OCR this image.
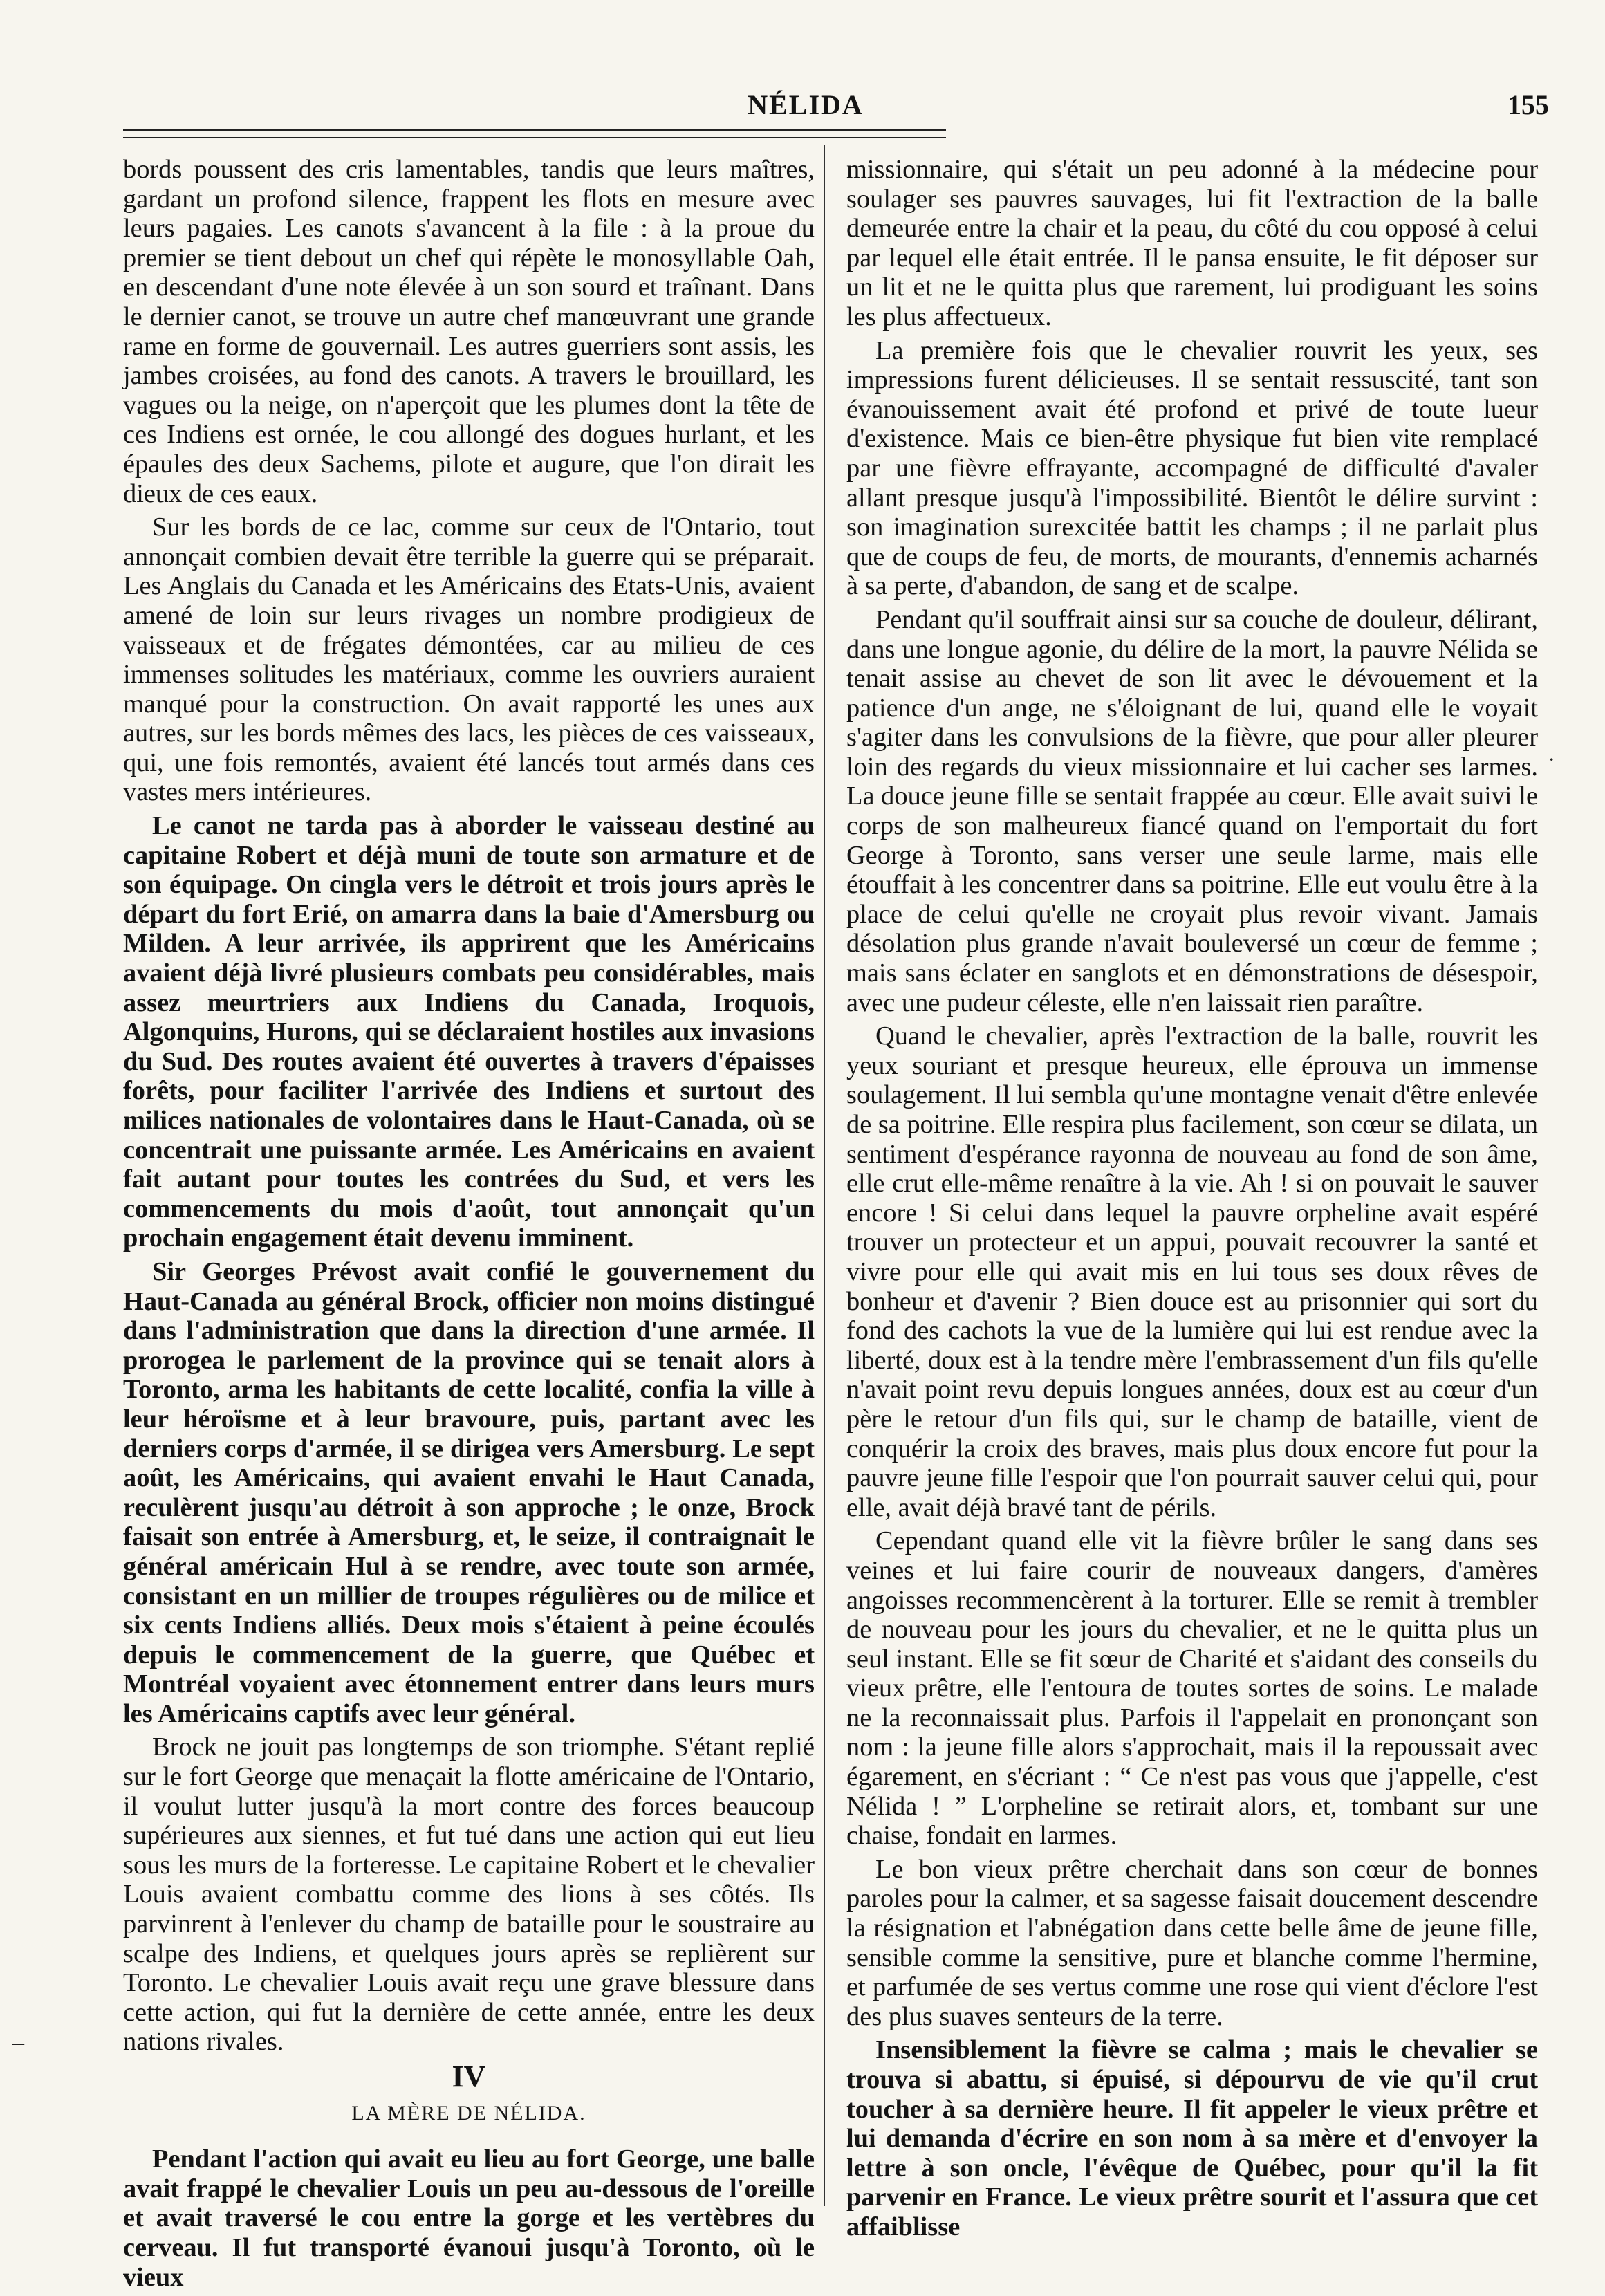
NÉLIDA	155

bords poussent des cris lamentables, tandis que leurs maîtres, gardant un profond silence, frappent les flots en mesure avec leurs pagaies. Les canots s'avancent à la file : à la proue du premier se tient debout un chef qui répète le monosyllable Oah, en descendant d'une note élevée à un son sourd et traînant. Dans le dernier canot, se trouve un autre chef manœuvrant une grande rame en forme de gouvernail. Les autres guerriers sont assis, les jambes croisées, au fond des canots. A travers le brouillard, les vagues ou la neige, on n'aperçoit que les plumes dont la tête de ces Indiens est ornée, le cou allongé des dogues hurlant, et les épaules des deux Sachems, pilote et augure, que l'on dirait les dieux de ces eaux.

Sur les bords de ce lac, comme sur ceux de l'Ontario, tout annonçait combien devait être terrible la guerre qui se préparait. Les Anglais du Canada et les Américains des Etats-Unis, avaient amené de loin sur leurs rivages un nombre prodigieux de vaisseaux et de frégates démontées, car au milieu de ces immenses solitudes les matériaux, comme les ouvriers auraient manqué pour la construction. On avait rapporté les unes aux autres, sur les bords mêmes des lacs, les pièces de ces vaisseaux, qui, une fois remontés, avaient été lancés tout armés dans ces vastes mers intérieures.

Le canot ne tarda pas à aborder le vaisseau destiné au capitaine Robert et déjà muni de toute son armature et de son équipage. On cingla vers le détroit et trois jours après le départ du fort Erié, on amarra dans la baie d'Amersburg ou Milden. A leur arrivée, ils apprirent que les Américains avaient déjà livré plusieurs combats peu considérables, mais assez meurtriers aux Indiens du Canada, Iroquois, Algonquins, Hurons, qui se déclaraient hostiles aux invasions du Sud. Des routes avaient été ouvertes à travers d'épaisses forêts, pour faciliter l'arrivée des Indiens et surtout des milices nationales de volontaires dans le Haut-Canada, où se concentrait une puissante armée. Les Américains en avaient fait autant pour toutes les contrées du Sud, et vers les commencements du mois d'août, tout annonçait qu'un prochain engagement était devenu imminent.

Sir Georges Prévost avait confié le gouvernement du Haut-Canada au général Brock, officier non moins distingué dans l'administration que dans la direction d'une armée. Il prorogea le parlement de la province qui se tenait alors à Toronto, arma les habitants de cette localité, confia la ville à leur héroïsme et à leur bravoure, puis, partant avec les derniers corps d'armée, il se dirigea vers Amersburg. Le sept août, les Américains, qui avaient envahi le Haut Canada, reculèrent jusqu'au détroit à son approche ; le onze, Brock faisait son entrée à Amersburg, et, le seize, il contraignait le général américain Hul à se rendre, avec toute son armée, consistant en un millier de troupes régulières ou de milice et six cents Indiens alliés. Deux mois s'étaient à peine écoulés depuis le commencement de la guerre, que Québec et Montréal voyaient avec étonnement entrer dans leurs murs les Américains captifs avec leur général.

Brock ne jouit pas longtemps de son triomphe. S'étant replié sur le fort George que menaçait la flotte américaine de l'Ontario, il voulut lutter jusqu'à la mort contre des forces beaucoup supérieures aux siennes, et fut tué dans une action qui eut lieu sous les murs de la forteresse. Le capitaine Robert et le chevalier Louis avaient combattu comme des lions à ses côtés. Ils parvinrent à l'enlever du champ de bataille pour le soustraire au scalpe des Indiens, et quelques jours après se replièrent sur Toronto. Le chevalier Louis avait reçu une grave blessure dans cette action, qui fut la dernière de cette année, entre les deux nations rivales.

IV
LA MÈRE DE NÉLIDA.

Pendant l'action qui avait eu lieu au fort George, une balle avait frappé le chevalier Louis un peu au-dessous de l'oreille et avait traversé le cou entre la gorge et les vertèbres du cerveau. Il fut transporté évanoui jusqu'à Toronto, où le vieux

missionnaire, qui s'était un peu adonné à la médecine pour soulager ses pauvres sauvages, lui fit l'extraction de la balle demeurée entre la chair et la peau, du côté du cou opposé à celui par lequel elle était entrée. Il le pansa ensuite, le fit déposer sur un lit et ne le quitta plus que rarement, lui prodiguant les soins les plus affectueux.

La première fois que le chevalier rouvrit les yeux, ses impressions furent délicieuses. Il se sentait ressuscité, tant son évanouissement avait été profond et privé de toute lueur d'existence. Mais ce bien-être physique fut bien vite remplacé par une fièvre effrayante, accompagné de difficulté d'avaler allant presque jusqu'à l'impossibilité. Bientôt le délire survint : son imagination surexcitée battit les champs ; il ne parlait plus que de coups de feu, de morts, de mourants, d'ennemis acharnés à sa perte, d'abandon, de sang et de scalpe.

Pendant qu'il souffrait ainsi sur sa couche de douleur, délirant, dans une longue agonie, du délire de la mort, la pauvre Nélida se tenait assise au chevet de son lit avec le dévouement et la patience d'un ange, ne s'éloignant de lui, quand elle le voyait s'agiter dans les convulsions de la fièvre, que pour aller pleurer loin des regards du vieux missionnaire et lui cacher ses larmes. La douce jeune fille se sentait frappée au cœur. Elle avait suivi le corps de son malheureux fiancé quand on l'emportait du fort George à Toronto, sans verser une seule larme, mais elle étouffait à les concentrer dans sa poitrine. Elle eut voulu être à la place de celui qu'elle ne croyait plus revoir vivant. Jamais désolation plus grande n'avait bouleversé un cœur de femme ; mais sans éclater en sanglots et en démonstrations de désespoir, avec une pudeur céleste, elle n'en laissait rien paraître.

Quand le chevalier, après l'extraction de la balle, rouvrit les yeux souriant et presque heureux, elle éprouva un immense soulagement. Il lui sembla qu'une montagne venait d'être enlevée de sa poitrine. Elle respira plus facilement, son cœur se dilata, un sentiment d'espérance rayonna de nouveau au fond de son âme, elle crut elle-même renaître à la vie. Ah ! si on pouvait le sauver encore ! Si celui dans lequel la pauvre orpheline avait espéré trouver un protecteur et un appui, pouvait recouvrer la santé et vivre pour elle qui avait mis en lui tous ses doux rêves de bonheur et d'avenir ? Bien douce est au prisonnier qui sort du fond des cachots la vue de la lumière qui lui est rendue avec la liberté, doux est à la tendre mère l'embrassement d'un fils qu'elle n'avait point revu depuis longues années, doux est au cœur d'un père le retour d'un fils qui, sur le champ de bataille, vient de conquérir la croix des braves, mais plus doux encore fut pour la pauvre jeune fille l'espoir que l'on pourrait sauver celui qui, pour elle, avait déjà bravé tant de périls.

Cependant quand elle vit la fièvre brûler le sang dans ses veines et lui faire courir de nouveaux dangers, d'amères angoisses recommencèrent à la torturer. Elle se remit à trembler de nouveau pour les jours du chevalier, et ne le quitta plus un seul instant. Elle se fit sœur de Charité et s'aidant des conseils du vieux prêtre, elle l'entoura de toutes sortes de soins. Le malade ne la reconnaissait plus. Parfois il l'appelait en prononçant son nom : la jeune fille alors s'approchait, mais il la repoussait avec égarement, en s'écriant : “ Ce n'est pas vous que j'appelle, c'est Nélida ! ” L'orpheline se retirait alors, et, tombant sur une chaise, fondait en larmes.

Le bon vieux prêtre cherchait dans son cœur de bonnes paroles pour la calmer, et sa sagesse faisait doucement descendre la résignation et l'abnégation dans cette belle âme de jeune fille, sensible comme la sensitive, pure et blanche comme l'hermine, et parfumée de ses vertus comme une rose qui vient d'éclore l'est des plus suaves senteurs de la terre.

Insensiblement la fièvre se calma ; mais le chevalier se trouva si abattu, si épuisé, si dépourvu de vie qu'il crut toucher à sa dernière heure. Il fit appeler le vieux prêtre et lui demanda d'écrire en son nom à sa mère et d'envoyer la lettre à son oncle, l'évêque de Québec, pour qu'il la fit parvenir en France. Le vieux prêtre sourit et l'assura que cet affaiblisse

˙
–
